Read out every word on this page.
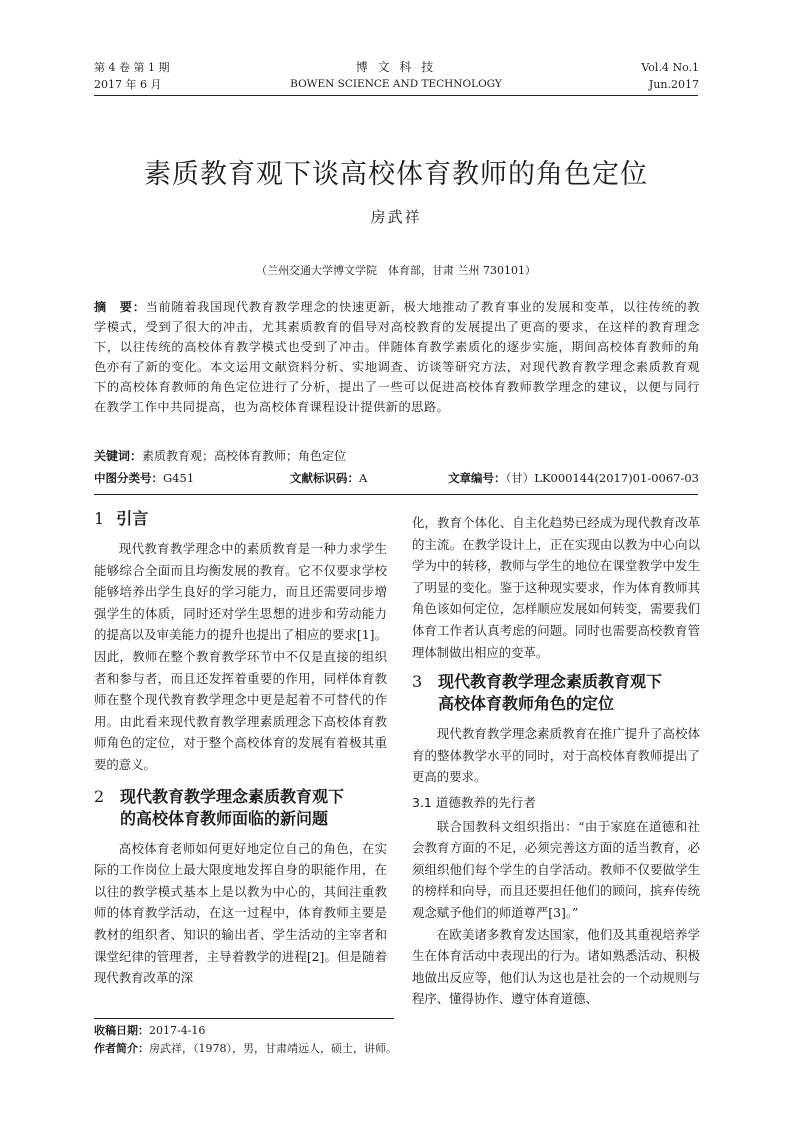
第 4 卷 第 1 期
2017 年 6 月
博 文 科 技
BOWEN SCIENCE AND TECHNOLOGY
Vol.4 No.1
Jun.2017
素质教育观下谈高校体育教师的角色定位
房武祥
（兰州交通大学博文学院　体育部，甘肃 兰州 730101）
摘　要：当前随着我国现代教育教学理念的快速更新，极大地推动了教育事业的发展和变革，以往传统的教学模式，受到了很大的冲击，尤其素质教育的倡导对高校教育的发展提出了更高的要求，在这样的教育理念下，以往传统的高校体育教学模式也受到了冲击。伴随体育教学素质化的逐步实施，期间高校体育教师的角色亦有了新的变化。本文运用文献资料分析、实地调查、访谈等研究方法，对现代教育教学理念素质教育观下的高校体育教师的角色定位进行了分析，提出了一些可以促进高校体育教师教学理念的建议，以便与同行在教学工作中共同提高，也为高校体育课程设计提供新的思路。
关键词：素质教育观；高校体育教师；角色定位
中图分类号：G451	文献标识码：A	文章编号：（甘）LK000144(2017)01-0067-03
1 引言

现代教育教学理念中的素质教育是一种力求学生能够综合全面而且均衡发展的教育。它不仅要求学校能够培养出学生良好的学习能力，而且还需要同步增强学生的体质，同时还对学生思想的进步和劳动能力的提高以及审美能力的提升也提出了相应的要求[1]。因此，教师在整个教育教学环节中不仅是直接的组织者和参与者，而且还发挥着重要的作用，同样体育教师在整个现代教育教学理念中更是起着不可替代的作用。由此看来现代教育教学理素质理念下高校体育教师角色的定位，对于整个高校体育的发展有着极其重要的意义。

2 现代教育教学理念素质教育观下
的高校体育教师面临的新问题

高校体育老师如何更好地定位自己的角色，在实际的工作岗位上最大限度地发挥自身的职能作用，在以往的教学模式基本上是以教为中心的，其间注重教师的体育教学活动，在这一过程中，体育教师主要是教材的组织者、知识的输出者、学生活动的主宰者和课堂纪律的管理者，主导着教学的进程[2]。但是随着现代教育改革的深

化，教育个体化、自主化趋势已经成为现代教育改革的主流。在教学设计上，正在实现由以教为中心向以学为中的转移，教师与学生的地位在课堂教学中发生了明显的变化。鉴于这种现实要求，作为体育教师其角色该如何定位，怎样顺应发展如何转变，需要我们体育工作者认真考虑的问题。同时也需要高校教育管理体制做出相应的变革。

3 现代教育教学理念素质教育观下
高校体育教师角色的定位

现代教育教学理念素质教育在推广提升了高校体育的整体教学水平的同时，对于高校体育教师提出了更高的要求。

3.1 道德教养的先行者

联合国教科文组织指出：“由于家庭在道德和社会教育方面的不足，必须完善这方面的适当教育，必须组织他们每个学生的自学活动。教师不仅要做学生的榜样和向导，而且还要担任他们的顾问，摈弃传统观念赋予他们的师道尊严[3]。”

在欧美诸多教育发达国家，他们及其重视培养学生在体育活动中表现出的行为。诸如熟悉活动、积极地做出反应等，他们认为这也是社会的一个动规则与程序、懂得协作、遵守体育道德、

收稿日期：2017-4-16
作者简介：房武祥，（1978），男，甘肃靖远人，硕士，讲师。
